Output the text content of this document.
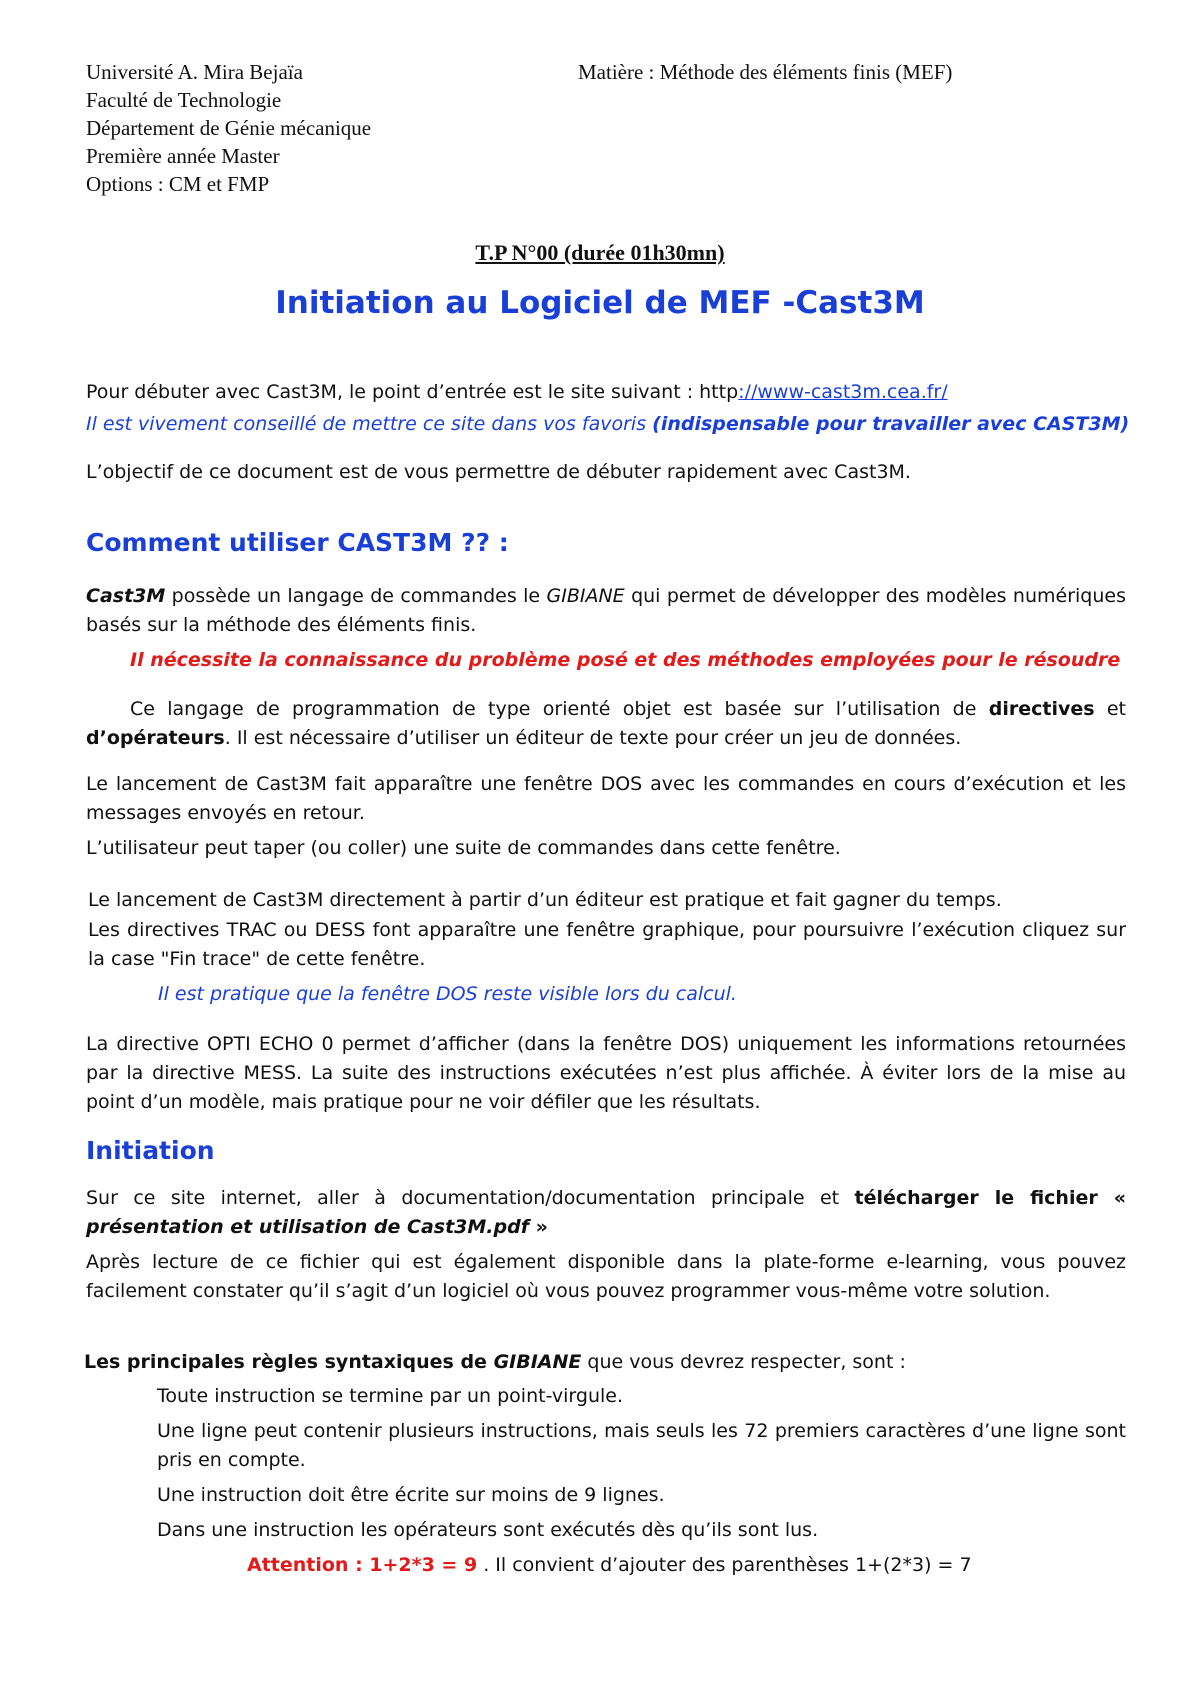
Université A. Mira Bejaïa
Faculté de Technologie
Département de Génie mécanique
Première année Master
Options : CM et FMP
Matière : Méthode des éléments finis (MEF)
T.P N°00 (durée 01h30mn)
Initiation au Logiciel de MEF -Cast3M
Pour débuter avec Cast3M, le point d’entrée est le site suivant : http://www-cast3m.cea.fr/
Il est vivement conseillé de mettre ce site dans vos favoris (indispensable pour travailler avec CAST3M)
L’objectif de ce document est de vous permettre de débuter rapidement avec Cast3M.
Comment utiliser CAST3M ?? :
Cast3M possède un langage de commandes le GIBIANE qui permet de développer des modèles numériques basés sur la méthode des éléments finis.
Il nécessite la connaissance du problème posé et des méthodes employées pour le résoudre
Ce langage de programmation de type orienté objet est basée sur l’utilisation de directives et d’opérateurs. Il est nécessaire d’utiliser un éditeur de texte pour créer un jeu de données.
Le lancement de Cast3M fait apparaître une fenêtre DOS avec les commandes en cours d’exécution et les messages envoyés en retour.
L’utilisateur peut taper (ou coller) une suite de commandes dans cette fenêtre.
Le lancement de Cast3M directement à partir d’un éditeur est pratique et fait gagner du temps.
Les directives TRAC ou DESS font apparaître une fenêtre graphique, pour poursuivre l’exécution cliquez sur la case "Fin trace" de cette fenêtre.
Il est pratique que la fenêtre DOS reste visible lors du calcul.
La directive OPTI ECHO 0 permet d’afficher (dans la fenêtre DOS) uniquement les informations retournées par la directive MESS. La suite des instructions exécutées n’est plus affichée. À éviter lors de la mise au point d’un modèle, mais pratique pour ne voir défiler que les résultats.
Initiation
Sur ce site internet, aller à documentation/documentation principale et télécharger le fichier « présentation et utilisation de Cast3M.pdf »
Après lecture de ce fichier qui est également disponible dans la plate-forme e-learning, vous pouvez facilement constater qu’il s’agit d’un logiciel où vous pouvez programmer vous-même votre solution.
Les principales règles syntaxiques de GIBIANE que vous devrez respecter, sont :
Toute instruction se termine par un point-virgule.
Une ligne peut contenir plusieurs instructions, mais seuls les 72 premiers caractères d’une ligne sont pris en compte.
Une instruction doit être écrite sur moins de 9 lignes.
Dans une instruction les opérateurs sont exécutés dès qu’ils sont lus.
Attention : 1+2*3 = 9 . Il convient d’ajouter des parenthèses 1+(2*3) = 7
